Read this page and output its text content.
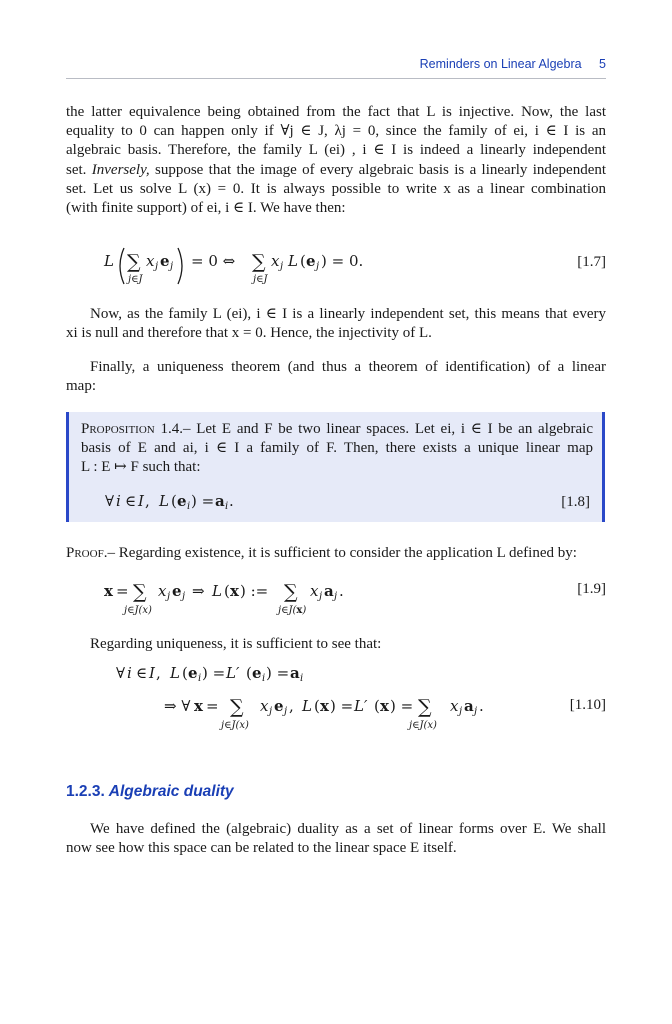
Reminders on Linear Algebra 5
the latter equivalence being obtained from the fact that L is injective. Now, the last
equality to 0 can happen only if ∀j ∈ J, λj = 0, since the family of ei, i ∈ I is an
algebraic basis. Therefore, the family L (ei) , i ∈ I is indeed a linearly independent
set. Inversely, suppose that the image of every algebraic basis is a linearly independent
set. Let us solve L (x) = 0. It is always possible to write x as a linear combination
(with finite support) of ei, i ∈ I. We have then:
L ∑ x j e j
j∈J
= 0 ⇔ ∑ x j L ( e j ) = 0.
j∈J
[1.7]
Now, as the family L (ei), i ∈ I is a linearly independent set, this means that every
xi is null and therefore that x = 0. Hence, the injectivity of L.
Finally, a uniqueness theorem (and thus a theorem of identification) of a linear
map:
Proposition 1.4.– Let E and F be two linear spaces. Let ei, i ∈ I be an algebraic
basis of E and ai, i ∈ I a family of F. Then, there exists a unique linear map
L : E ↦ F such that:
∀ i ∈ I , L ( e i ) = a i .	[1.8]
Proof.– Regarding existence, it is sufficient to consider the application L defined by:
x = ∑
j∈J(x)
x j e j ⇒ L ( x ) := ∑
j∈J(x)
x j a j .	[1.9]
Regarding uniqueness, it is sufficient to see that:
∀ i ∈ I , L ( e i ) = L′ ( e i ) = a i
⇒ ∀ x = ∑
j∈J(x)
x j e j , L ( x ) = L′ ( x ) = ∑
j∈J(x)
x j a j .	[1.10]
1.2.3. Algebraic duality
We have defined the (algebraic) duality as a set of linear forms over E. We shall
now see how this space can be related to the linear space E itself.
